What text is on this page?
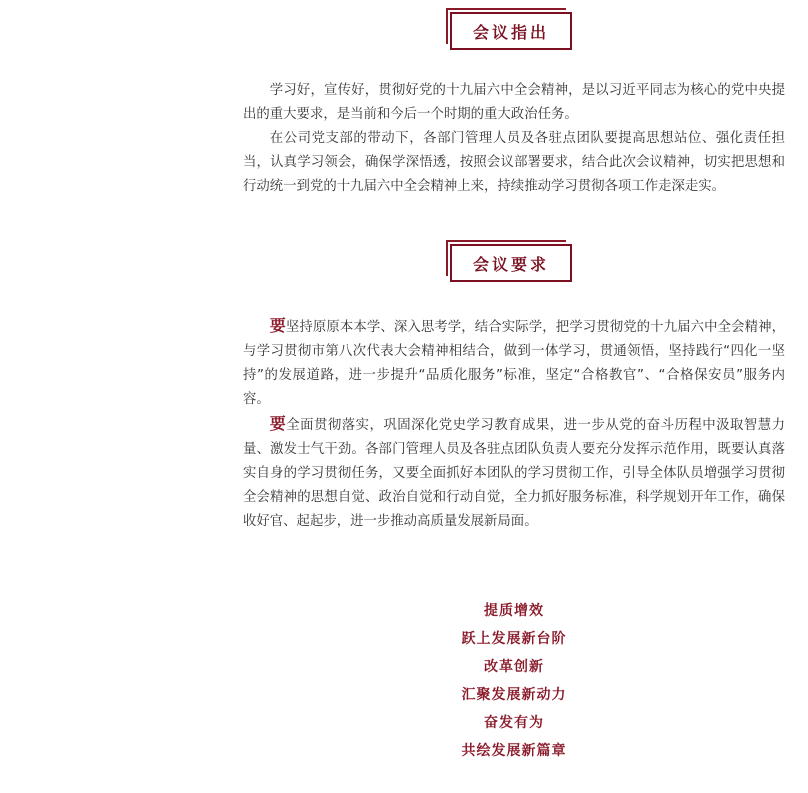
会议指出

学习好，宣传好，贯彻好党的十九届六中全会精神，是以习近平同志为核心的党中央提出的重大要求，是当前和今后一个时期的重大政治任务。

在公司党支部的带动下，各部门管理人员及各驻点团队要提高思想站位、强化责任担当，认真学习领会，确保学深悟透，按照会议部署要求，结合此次会议精神，切实把思想和行动统一到党的十九届六中全会精神上来，持续推动学习贯彻各项工作走深走实。

会议要求

要坚持原原本本学、深入思考学，结合实际学，把学习贯彻党的十九届六中全会精神，与学习贯彻市第八次代表大会精神相结合，做到一体学习，贯通领悟，坚持践行“四化一坚持”的发展道路，进一步提升“品质化服务”标准，坚定“合格教官”、“合格保安员”服务内容。

要全面贯彻落实，巩固深化党史学习教育成果，进一步从党的奋斗历程中汲取智慧力量、激发士气干劲。各部门管理人员及各驻点团队负责人要充分发挥示范作用，既要认真落实自身的学习贯彻任务，又要全面抓好本团队的学习贯彻工作，引导全体队员增强学习贯彻全会精神的思想自觉、政治自觉和行动自觉，全力抓好服务标准，科学规划开年工作，确保收好官、起起步，进一步推动高质量发展新局面。

提质增效
跃上发展新台阶
改革创新
汇聚发展新动力
奋发有为
共绘发展新篇章
